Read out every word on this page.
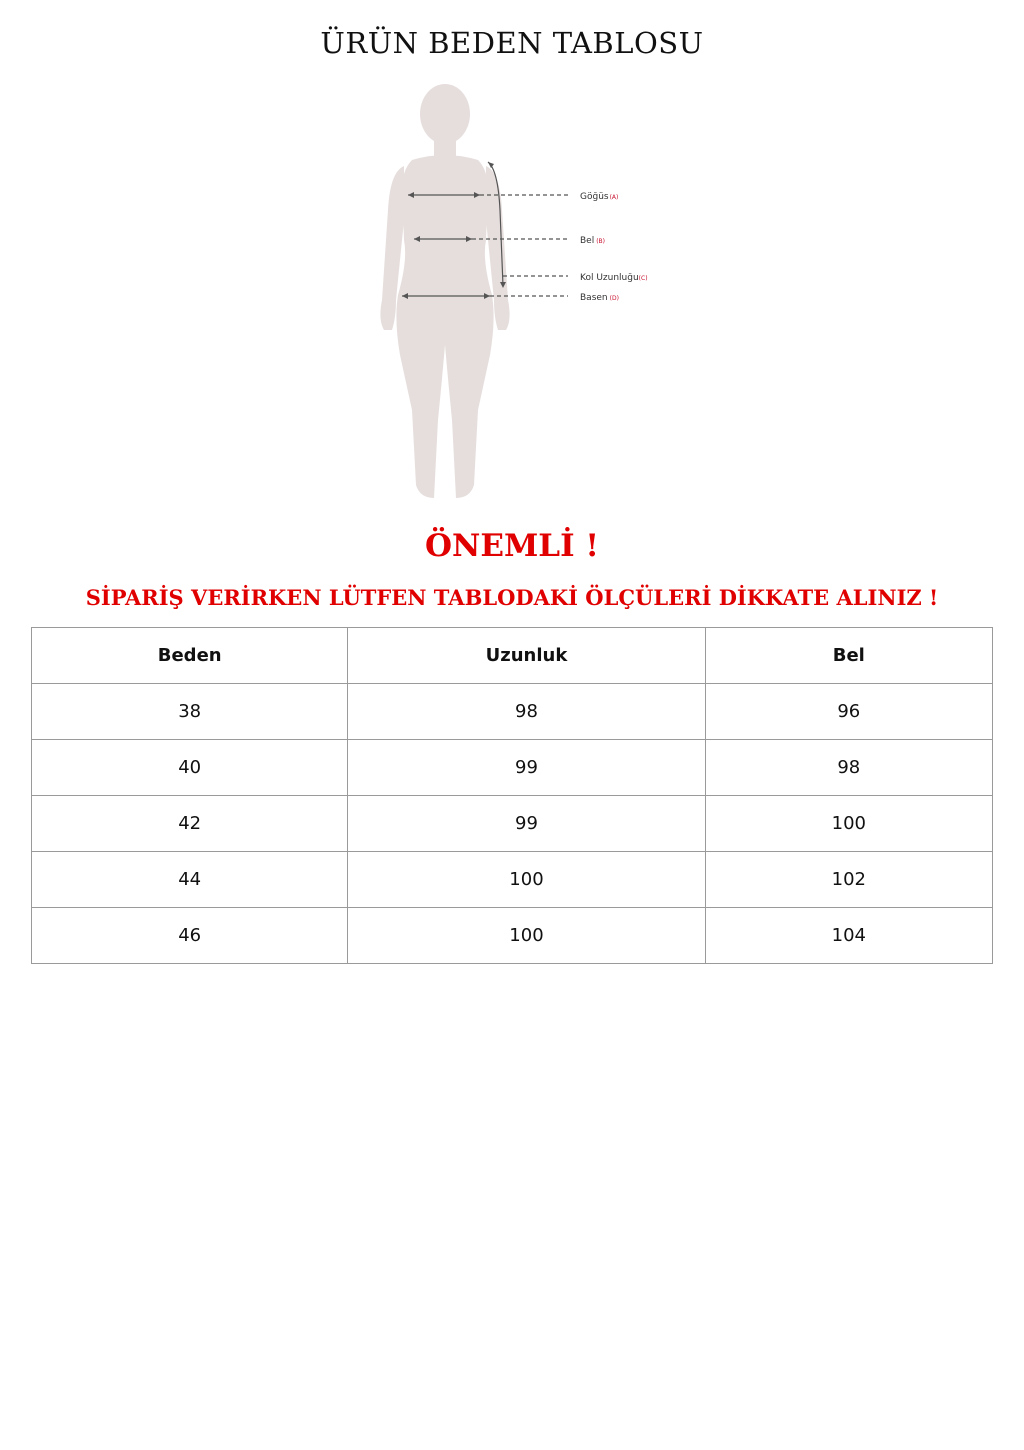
ÜRÜN BEDEN TABLOSU
Göğüs(A)
Bel (B)
Kol Uzunluğu(C)
Basen (D)
ÖNEMLİ !
SİPARİŞ VERİRKEN LÜTFEN TABLODAKİ ÖLÇÜLERİ DİKKATE ALINIZ !
Beden	Uzunluk	Bel
38	98	96
40	99	98
42	99	100
44	100	102
46	100	104
